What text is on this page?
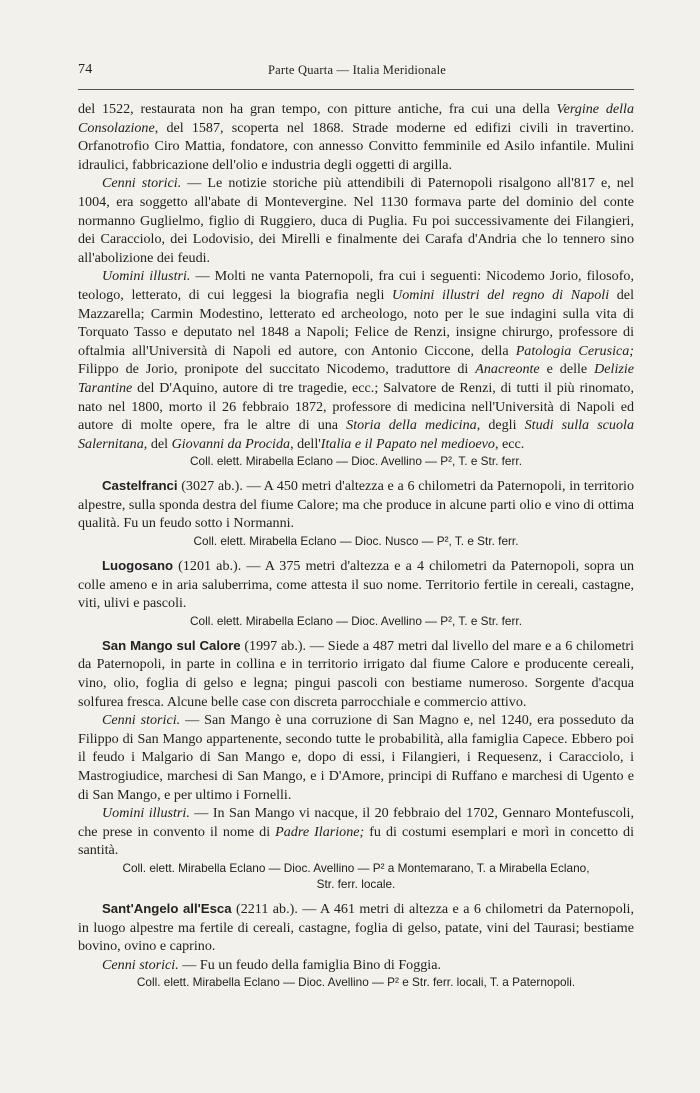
74	Parte Quarta — Italia Meridionale

del 1522, restaurata non ha gran tempo, con pitture antiche, fra cui una della Vergine della Consolazione, del 1587, scoperta nel 1868. Strade moderne ed edifizi civili in travertino. Orfanotrofio Ciro Mattia, fondatore, con annesso Convitto femminile ed Asilo infantile. Mulini idraulici, fabbricazione dell'olio e industria degli oggetti di argilla.

Cenni storici. — Le notizie storiche più attendibili di Paternopoli risalgono all'817 e, nel 1004, era soggetto all'abate di Montevergine. Nel 1130 formava parte del dominio del conte normanno Guglielmo, figlio di Ruggiero, duca di Puglia. Fu poi successivamente dei Filangieri, dei Caracciolo, dei Lodovisio, dei Mirelli e finalmente dei Carafa d'Andria che lo tennero sino all'abolizione dei feudi.

Uomini illustri. — Molti ne vanta Paternopoli, fra cui i seguenti: Nicodemo Jorio, filosofo, teologo, letterato, di cui leggesi la biografia negli Uomini illustri del regno di Napoli del Mazzarella; Carmin Modestino, letterato ed archeologo, noto per le sue indagini sulla vita di Torquato Tasso e deputato nel 1848 a Napoli; Felice de Renzi, insigne chirurgo, professore di oftalmia all'Università di Napoli ed autore, con Antonio Ciccone, della Patologia Cerusica; Filippo de Jorio, pronipote del succitato Nicodemo, traduttore di Anacreonte e delle Delizie Tarantine del D'Aquino, autore di tre tragedie, ecc.; Salvatore de Renzi, di tutti il più rinomato, nato nel 1800, morto il 26 febbraio 1872, professore di medicina nell'Università di Napoli ed autore di molte opere, fra le altre di una Storia della medicina, degli Studi sulla scuola Salernitana, del Giovanni da Procida, dell'Italia e il Papato nel medioevo, ecc.

Coll. elett. Mirabella Eclano — Dioc. Avellino — P², T. e Str. ferr.

Castelfranci (3027 ab.). — A 450 metri d'altezza e a 6 chilometri da Paternopoli, in territorio alpestre, sulla sponda destra del fiume Calore; ma che produce in alcune parti olio e vino di ottima qualità. Fu un feudo sotto i Normanni.

Coll. elett. Mirabella Eclano — Dioc. Nusco — P², T. e Str. ferr.

Luogosano (1201 ab.). — A 375 metri d'altezza e a 4 chilometri da Paternopoli, sopra un colle ameno e in aria saluberrima, come attesta il suo nome. Territorio fertile in cereali, castagne, viti, ulivi e pascoli.

Coll. elett. Mirabella Eclano — Dioc. Avellino — P², T. e Str. ferr.

San Mango sul Calore (1997 ab.). — Siede a 487 metri dal livello del mare e a 6 chilometri da Paternopoli, in parte in collina e in territorio irrigato dal fiume Calore e producente cereali, vino, olio, foglia di gelso e legna; pingui pascoli con bestiame numeroso. Sorgente d'acqua solfurea fresca. Alcune belle case con discreta parrocchiale e commercio attivo.

Cenni storici. — San Mango è una corruzione di San Magno e, nel 1240, era posseduto da Filippo di San Mango appartenente, secondo tutte le probabilità, alla famiglia Capece. Ebbero poi il feudo i Malgario di San Mango e, dopo di essi, i Filangieri, i Requesenz, i Caracciolo, i Mastrogiudice, marchesi di San Mango, e i D'Amore, principi di Ruffano e marchesi di Ugento e di San Mango, e per ultimo i Fornelli.

Uomini illustri. — In San Mango vi nacque, il 20 febbraio del 1702, Gennaro Montefuscoli, che prese in convento il nome di Padre Ilarione; fu di costumi esemplari e morì in concetto di santità.

Coll. elett. Mirabella Eclano — Dioc. Avellino — P² a Montemarano, T. a Mirabella Eclano,
Str. ferr. locale.

Sant'Angelo all'Esca (2211 ab.). — A 461 metri di altezza e a 6 chilometri da Paternopoli, in luogo alpestre ma fertile di cereali, castagne, foglia di gelso, patate, vini del Taurasi; bestiame bovino, ovino e caprino.

Cenni storici. — Fu un feudo della famiglia Bino di Foggia.

Coll. elett. Mirabella Eclano — Dioc. Avellino — P² e Str. ferr. locali, T. a Paternopoli.
